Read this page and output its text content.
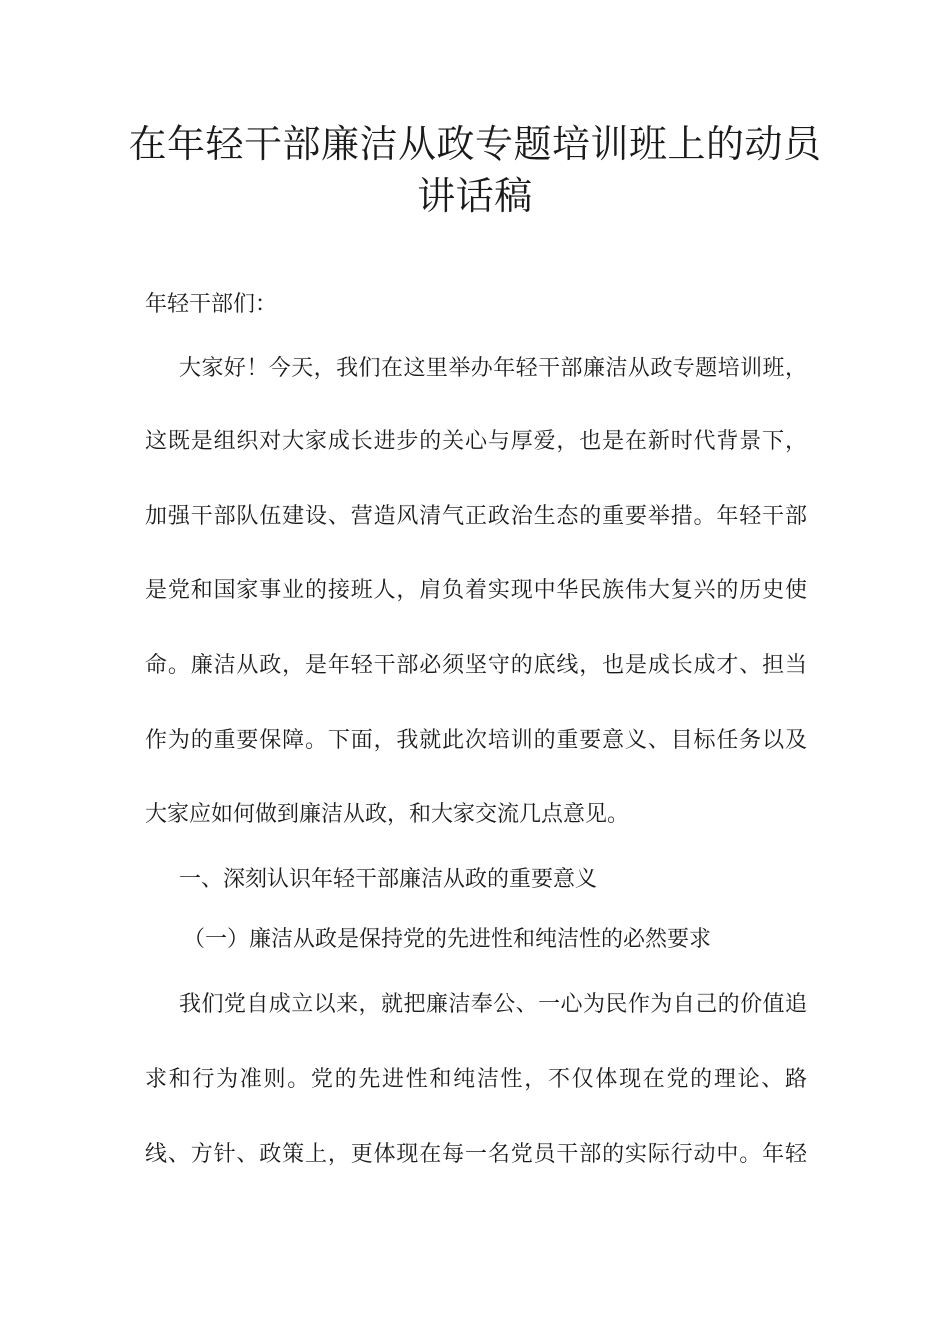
在年轻干部廉洁从政专题培训班上的动员
讲话稿
年轻干部们：
大家好！今天，我们在这里举办年轻干部廉洁从政专题培训班，
这既是组织对大家成长进步的关心与厚爱，也是在新时代背景下，
加强干部队伍建设、营造风清气正政治生态的重要举措。年轻干部
是党和国家事业的接班人，肩负着实现中华民族伟大复兴的历史使
命。廉洁从政，是年轻干部必须坚守的底线，也是成长成才、担当
作为的重要保障。下面，我就此次培训的重要意义、目标任务以及
大家应如何做到廉洁从政，和大家交流几点意见。
一、深刻认识年轻干部廉洁从政的重要意义
（一）廉洁从政是保持党的先进性和纯洁性的必然要求
我们党自成立以来，就把廉洁奉公、一心为民作为自己的价值追
求和行为准则。党的先进性和纯洁性，不仅体现在党的理论、路
线、方针、政策上，更体现在每一名党员干部的实际行动中。年轻
